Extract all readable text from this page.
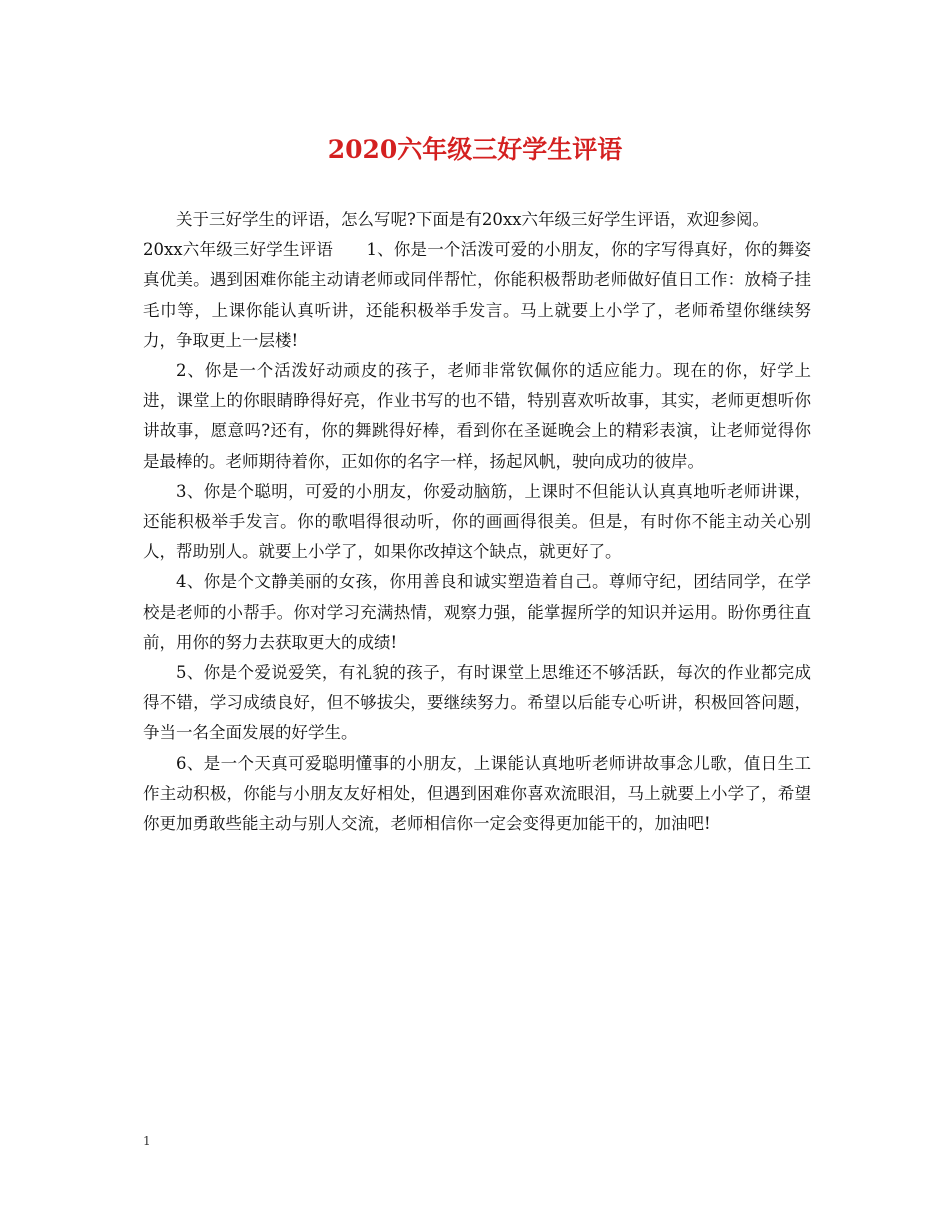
2020六年级三好学生评语

关于三好学生的评语，怎么写呢?下面是有20xx六年级三好学生评语，欢迎参阅。

20xx六年级三好学生评语　　1、你是一个活泼可爱的小朋友，你的字写得真好，你的舞姿真优美。遇到困难你能主动请老师或同伴帮忙，你能积极帮助老师做好值日工作：放椅子挂毛巾等，上课你能认真听讲，还能积极举手发言。马上就要上小学了，老师希望你继续努力，争取更上一层楼!

2、你是一个活泼好动顽皮的孩子，老师非常钦佩你的适应能力。现在的你，好学上进，课堂上的你眼睛睁得好亮，作业书写的也不错，特别喜欢听故事，其实，老师更想听你讲故事，愿意吗?还有，你的舞跳得好棒，看到你在圣诞晚会上的精彩表演，让老师觉得你是最棒的。老师期待着你，正如你的名字一样，扬起风帆，驶向成功的彼岸。

3、你是个聪明，可爱的小朋友，你爱动脑筋，上课时不但能认认真真地听老师讲课，还能积极举手发言。你的歌唱得很动听，你的画画得很美。但是，有时你不能主动关心别人，帮助别人。就要上小学了，如果你改掉这个缺点，就更好了。

4、你是个文静美丽的女孩，你用善良和诚实塑造着自己。尊师守纪，团结同学，在学校是老师的小帮手。你对学习充满热情，观察力强，能掌握所学的知识并运用。盼你勇往直前，用你的努力去获取更大的成绩!

5、你是个爱说爱笑，有礼貌的孩子，有时课堂上思维还不够活跃，每次的作业都完成得不错，学习成绩良好，但不够拔尖，要继续努力。希望以后能专心听讲，积极回答问题，争当一名全面发展的好学生。

6、是一个天真可爱聪明懂事的小朋友，上课能认真地听老师讲故事念儿歌，值日生工作主动积极，你能与小朋友友好相处，但遇到困难你喜欢流眼泪，马上就要上小学了，希望你更加勇敢些能主动与别人交流，老师相信你一定会变得更加能干的，加油吧!

1
